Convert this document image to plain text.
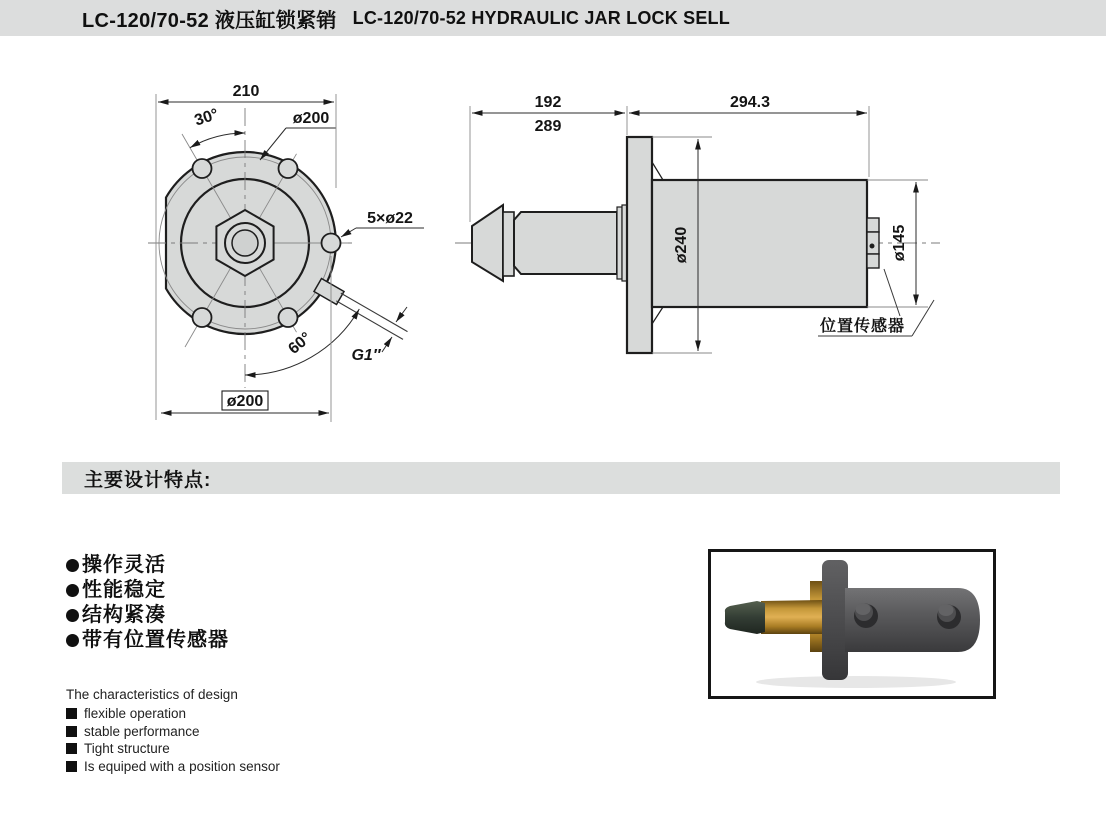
LC-120/70-52 液压缸锁紧销 LC-120/70-52 HYDRAULIC JAR LOCK SELL
G1″
30°
60°
ø200
5×ø22
210
ø200
192
289
294.3
ø240	ø145
位置传感器
主要设计特点:
操作灵活
性能稳定
结构紧凑
带有位置传感器

The characteristics of design

flexible operation
stable performance
Tight structure
Is equiped with a position sensor
